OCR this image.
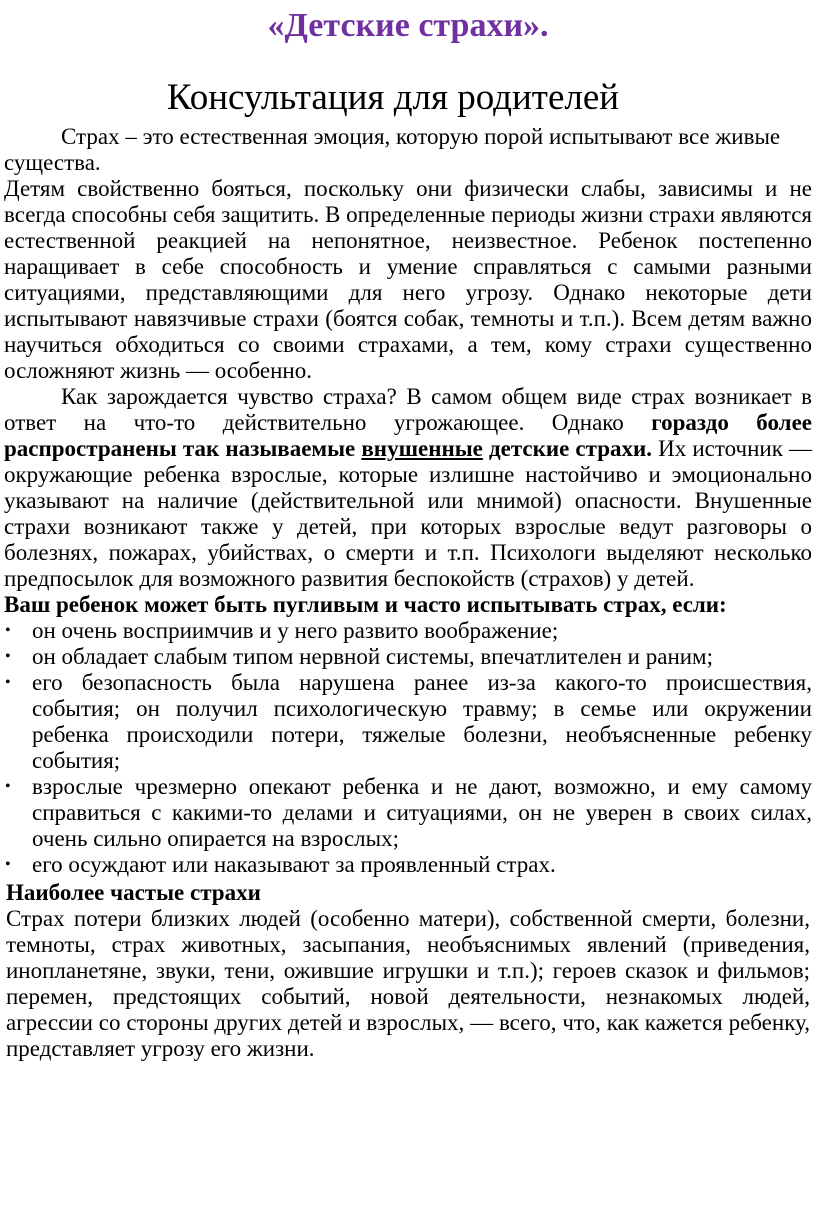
«Детские страхи».
Консультация для родителей

Страх – это естественная эмоция, которую порой испытывают все живые существа.

Детям свойственно бояться, поскольку они физически слабы, зависимы и не всегда способны себя защитить. В определенные периоды жизни страхи являются естественной реакцией на непонятное, неизвестное. Ребенок постепенно наращивает в себе способность и умение справляться с самыми разными ситуациями, представляющими для него угрозу. Однако некоторые дети испытывают навязчивые страхи (боятся собак, темноты и т.п.). Всем детям важно научиться обходиться со своими страхами, а тем, кому страхи существенно осложняют жизнь — особенно.

Как зарождается чувство страха? В самом общем виде страх возникает в ответ на что-то действительно угрожающее. Однако гораздо более распространены так называемые внушенные детские страхи. Их источник — окружающие ребенка взрослые, которые излишне настойчиво и эмоционально указывают на наличие (действительной или мнимой) опасности. Внушенные страхи возникают также у детей, при которых взрослые ведут разговоры о болезнях, пожарах, убийствах, о смерти и т.п. Психологи выделяют несколько предпосылок для возможного развития беспокойств (страхов) у детей.

Ваш ребенок может быть пугливым и часто испытывать страх, если:

• он очень восприимчив и у него развито воображение;
• он обладает слабым типом нервной системы, впечатлителен и раним;
• его безопасность была нарушена ранее из-за какого-то происшествия, события; он получил психологическую травму; в семье или окружении ребенка происходили потери, тяжелые болезни, необъясненные ребенку события;
• взрослые чрезмерно опекают ребенка и не дают, возможно, и ему самому справиться с какими-то делами и ситуациями, он не уверен в своих силах, очень сильно опирается на взрослых;
• его осуждают или наказывают за проявленный страх.

Наиболее частые страхи

Страх потери близких людей (особенно матери), собственной смерти, болезни, темноты, страх животных, засыпания, необъяснимых явлений (приведения, инопланетяне, звуки, тени, ожившие игрушки и т.п.); героев сказок и фильмов; перемен, предстоящих событий, новой деятельности, незнакомых людей, агрессии со стороны других детей и взрослых, — всего, что, как кажется ребенку, представляет угрозу его жизни.
